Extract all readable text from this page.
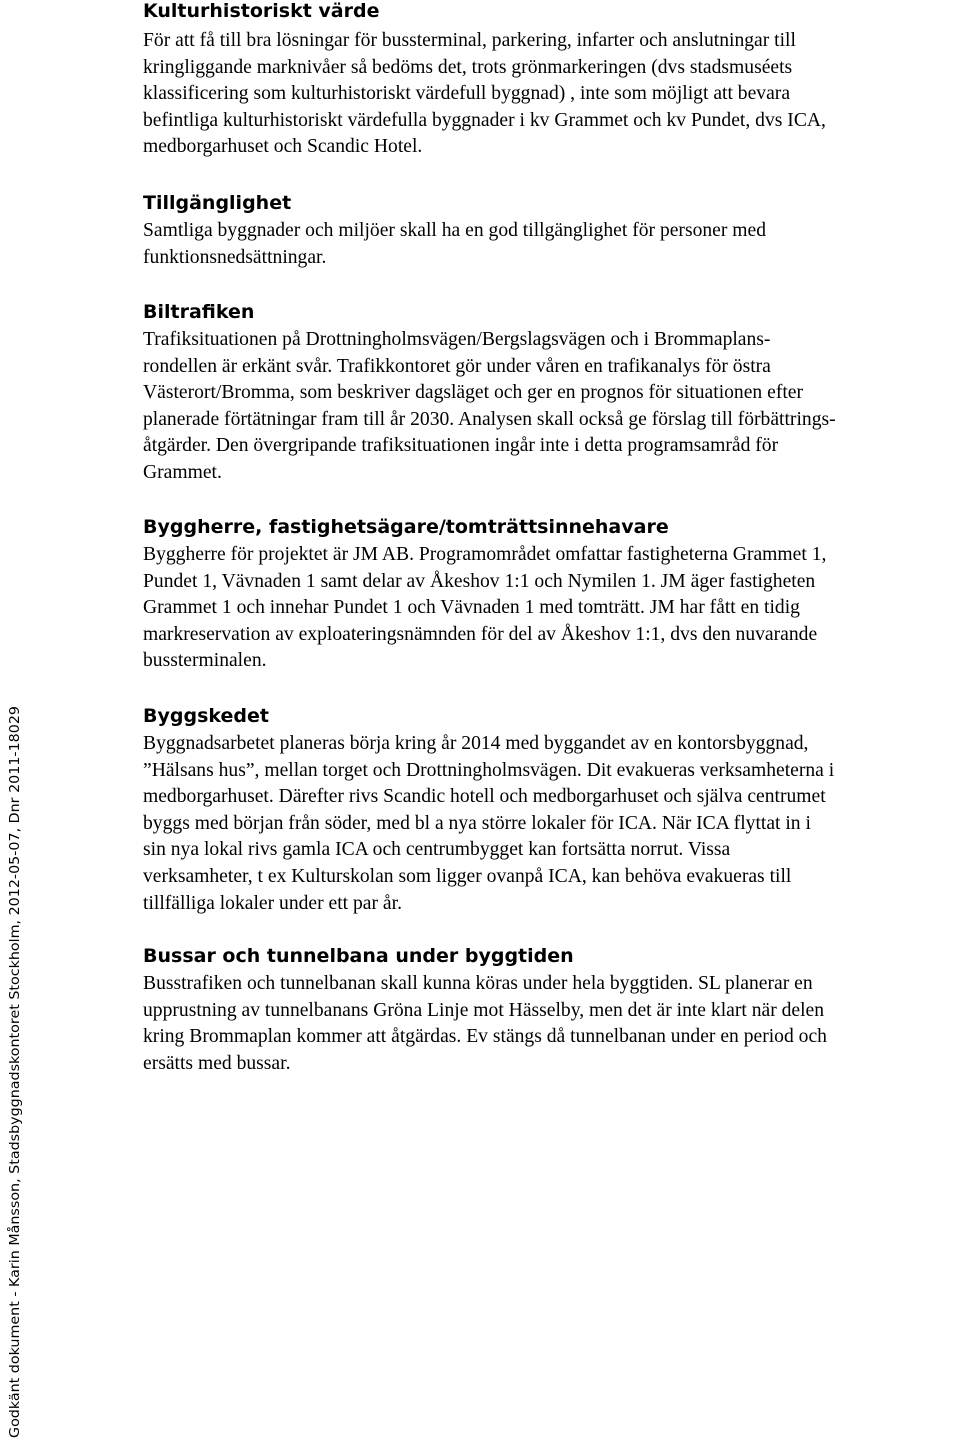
Godkänt dokument - Karin Månsson, Stadsbyggnadskontoret Stockholm, 2012-05-07, Dnr 2011-18029
Kulturhistoriskt värde

För att få till bra lösningar för bussterminal, parkering, infarter och anslutningar till
kringliggande marknivåer så bedöms det, trots grönmarkeringen (dvs stadsmuséets
klassificering som kulturhistoriskt värdefull byggnad) , inte som möjligt att bevara
befintliga kulturhistoriskt värdefulla byggnader i kv Grammet och kv Pundet, dvs ICA,
medborgarhuset och Scandic Hotel.

Tillgänglighet

Samtliga byggnader och miljöer skall ha en god tillgänglighet för personer med
funktionsnedsättningar.

Biltrafiken

Trafiksituationen på Drottningholmsvägen/Bergslagsvägen och i Brommaplans-
rondellen är erkänt svår. Trafikkontoret gör under våren en trafikanalys för östra
Västerort/Bromma, som beskriver dagsläget och ger en prognos för situationen efter
planerade förtätningar fram till år 2030. Analysen skall också ge förslag till förbättrings-
åtgärder. Den övergripande trafiksituationen ingår inte i detta programsamråd för
Grammet.

Byggherre, fastighetsägare/tomträttsinnehavare

Byggherre för projektet är JM AB. Programområdet omfattar fastigheterna Grammet 1,
Pundet 1, Vävnaden 1 samt delar av Åkeshov 1:1 och Nymilen 1. JM äger fastigheten
Grammet 1 och innehar Pundet 1 och Vävnaden 1 med tomträtt. JM har fått en tidig
markreservation av exploateringsnämnden för del av Åkeshov 1:1, dvs den nuvarande
bussterminalen.

Byggskedet

Byggnadsarbetet planeras börja kring år 2014 med byggandet av en kontorsbyggnad,
”Hälsans hus”, mellan torget och Drottningholmsvägen. Dit evakueras verksamheterna i
medborgarhuset. Därefter rivs Scandic hotell och medborgarhuset och själva centrumet
byggs med början från söder, med bl a nya större lokaler för ICA. När ICA flyttat in i
sin nya lokal rivs gamla ICA och centrumbygget kan fortsätta norrut. Vissa
verksamheter, t ex Kulturskolan som ligger ovanpå ICA, kan behöva evakueras till
tillfälliga lokaler under ett par år.

Bussar och tunnelbana under byggtiden

Busstrafiken och tunnelbanan skall kunna köras under hela byggtiden. SL planerar en
upprustning av tunnelbanans Gröna Linje mot Hässelby, men det är inte klart när delen
kring Brommaplan kommer att åtgärdas. Ev stängs då tunnelbanan under en period och
ersätts med bussar.
